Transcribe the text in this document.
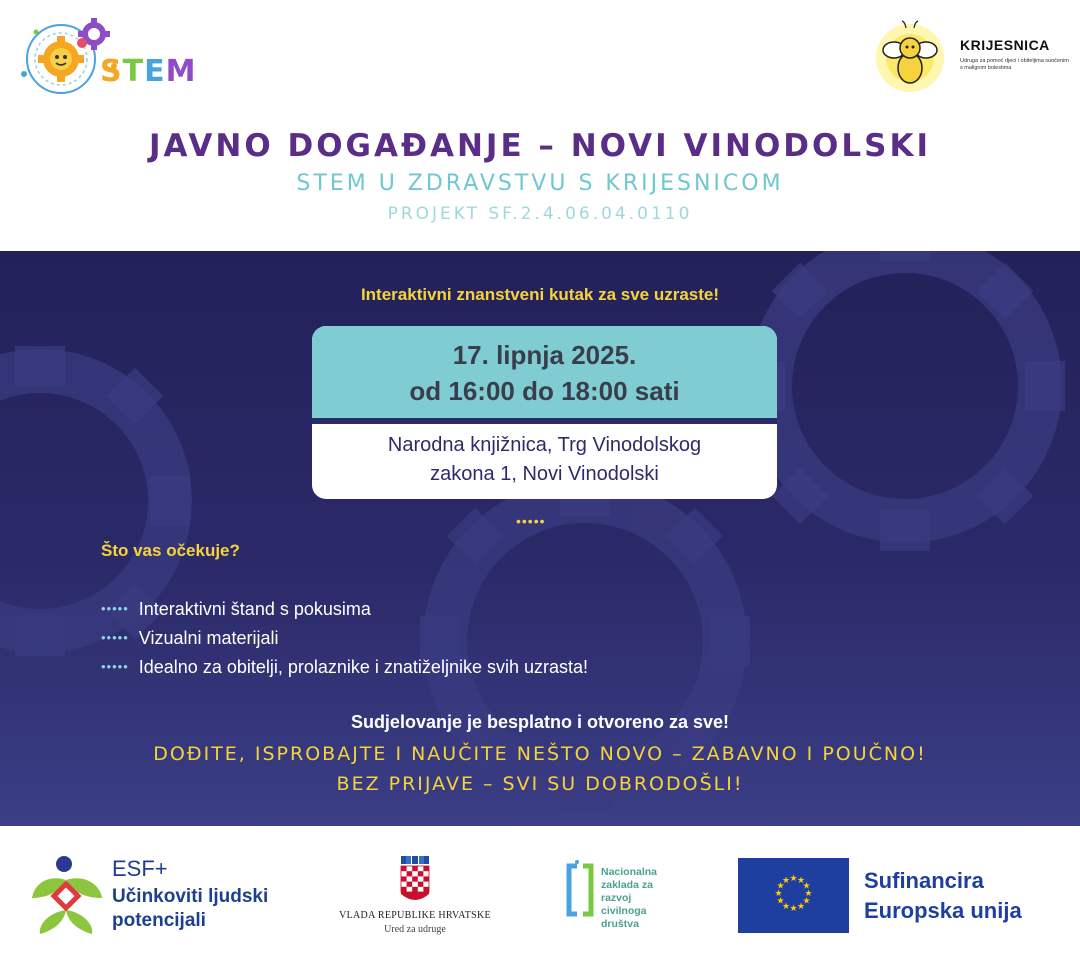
STEM
KRIJESNICA
Udruga za pomoć djeci i obiteljima suočenim s malignim bolestima
JAVNO DOGAĐANJE – NOVI VINODOLSKI
STEM U ZDRAVSTVU S KRIJESNICOM
PROJEKT SF.2.4.06.04.0110
Interaktivni znanstveni kutak za sve uzraste!
17. lipnja 2025.
od 16:00 do 18:00 sati
Narodna knjižnica, Trg Vinodolskog
zakona 1, Novi Vinodolski
•••••
Što vas očekuje?
••••• Interaktivni štand s pokusima
••••• Vizualni materijali
••••• Idealno za obitelji, prolaznike i znatiželjnike svih uzrasta!
Sudjelovanje je besplatno i otvoreno za sve!
DOĐITE, ISPROBAJTE I NAUČITE NEŠTO NOVO – ZABAVNO I POUČNO!
BEZ PRIJAVE – SVI SU DOBRODOŠLI!
ESF+
Učinkoviti ljudski
potencijali	VLADA REPUBLIKE HRVATSKE
Ured za udruge
Nacionalna
zaklada za
razvoj
civilnoga
društva
★ ★
★
★
★
★
★
★
★
★
★
★	Sufinancira
Europska unija
